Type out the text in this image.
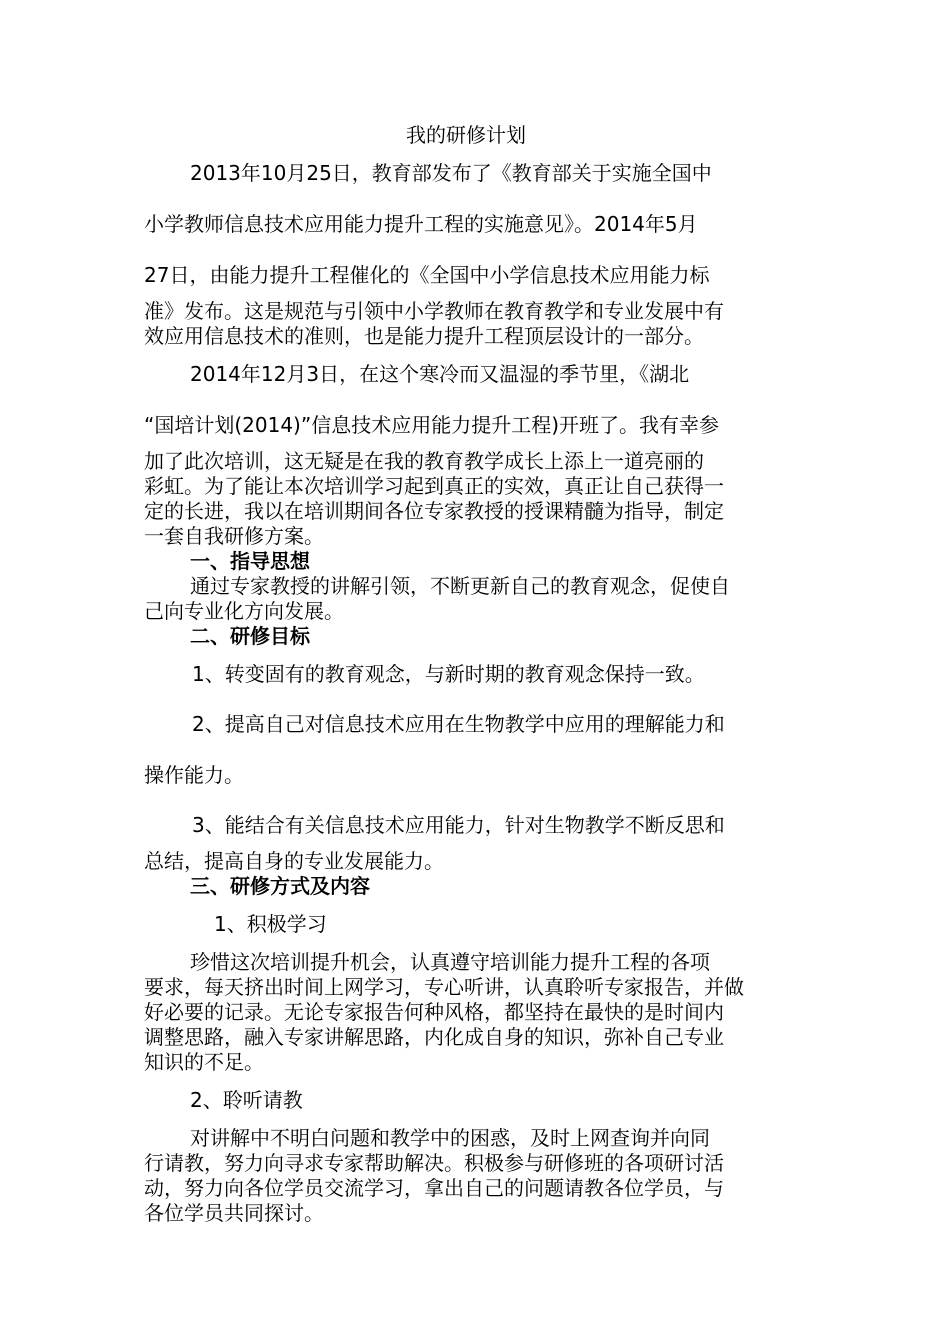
我的研修计划
2013年10月25日，教育部发布了《教育部关于实施全国中
小学教师信息技术应用能力提升工程的实施意见》。2014年5月
27日，由能力提升工程催化的《全国中小学信息技术应用能力标
准》发布。这是规范与引领中小学教师在教育教学和专业发展中有
效应用信息技术的准则，也是能力提升工程顶层设计的一部分。
2014年12月3日，在这个寒冷而又温湿的季节里，《湖北
“国培计划(2014)”信息技术应用能力提升工程)开班了。我有幸参
加了此次培训，这无疑是在我的教育教学成长上添上一道亮丽的
彩虹。为了能让本次培训学习起到真正的实效，真正让自己获得一
定的长进，我以在培训期间各位专家教授的授课精髓为指导，制定
一套自我研修方案。
一、指导思想
通过专家教授的讲解引领，不断更新自己的教育观念，促使自
己向专业化方向发展。
二、研修目标
1、转变固有的教育观念，与新时期的教育观念保持一致。
2、提高自己对信息技术应用在生物教学中应用的理解能力和
操作能力。
3、能结合有关信息技术应用能力，针对生物教学不断反思和
总结，提高自身的专业发展能力。
三、研修方式及内容
1、积极学习
珍惜这次培训提升机会，认真遵守培训能力提升工程的各项
要求，每天挤出时间上网学习，专心听讲，认真聆听专家报告，并做
好必要的记录。无论专家报告何种风格，都坚持在最快的是时间内
调整思路，融入专家讲解思路，内化成自身的知识，弥补自己专业
知识的不足。
2、聆听请教
对讲解中不明白问题和教学中的困惑，及时上网查询并向同
行请教，努力向寻求专家帮助解决。积极参与研修班的各项研讨活
动，努力向各位学员交流学习，拿出自己的问题请教各位学员，与
各位学员共同探讨。
